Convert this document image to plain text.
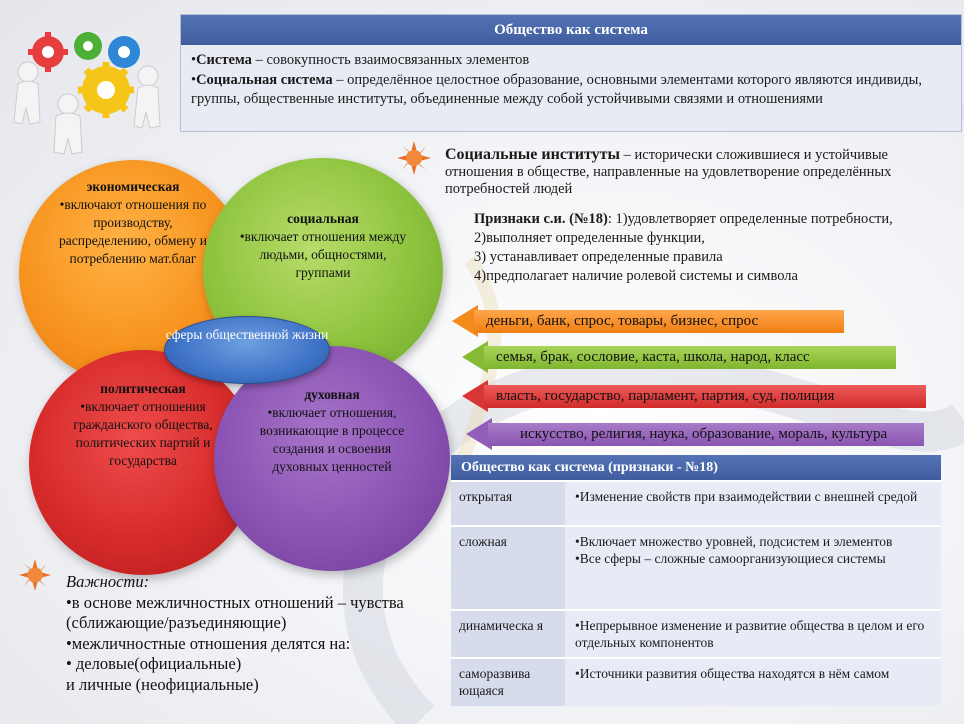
Общество как система

•Система – совокупность взаимосвязанных элементов

•Социальная система – определённое целостное образование, основными элементами которого являются индивиды, группы, общественные институты, объединенные между собой устойчивыми связями и отношениями

экономическая
•включают отношения по производству, распределению, обмену и потреблению мат.благ
социальная
•включает отношения между людьми, общностями, группами
политическая
•включает отношения гражданского общества, политических партий и государства
духовная
•включает отношения, возникающие в процессе создания и освоения духовных ценностей
сферы общественной жизни
Социальные институты – исторически сложившиеся и устойчивые отношения в обществе, направленные на удовлетворение определённых потребностей людей
Признаки с.и. (№18): 1)удовлетворяет определенные потребности,
2)выполняет определенные функции,
3) устанавливает определенные правила
4)предполагает наличие ролевой системы и символа
деньги, банк, спрос, товары, бизнес, спрос
семья, брак, сословие, каста, школа, народ, класс
власть, государство, парламент, партия, суд, полиция
искусство, религия, наука, образование, мораль, культура
Общество как система (признаки - №18)	
открытая	•Изменение свойств при взаимодействии с внешней средой

сложная	•Включает множество уровней, подсистем и элементов

•Все сферы – сложные самоорганизующиеся системы

динамическа я	•Непрерывное изменение и развитие общества в целом и его отдельных компонентов

саморазвива ющаяся	•Источники развития общества находятся в нём самом

Важности:
•в основе межличностных отношений – чувства (сближающие/разъединяющие)
•межличностные отношения делятся на:
• деловые(официальные)
и личные (неофициальные)
